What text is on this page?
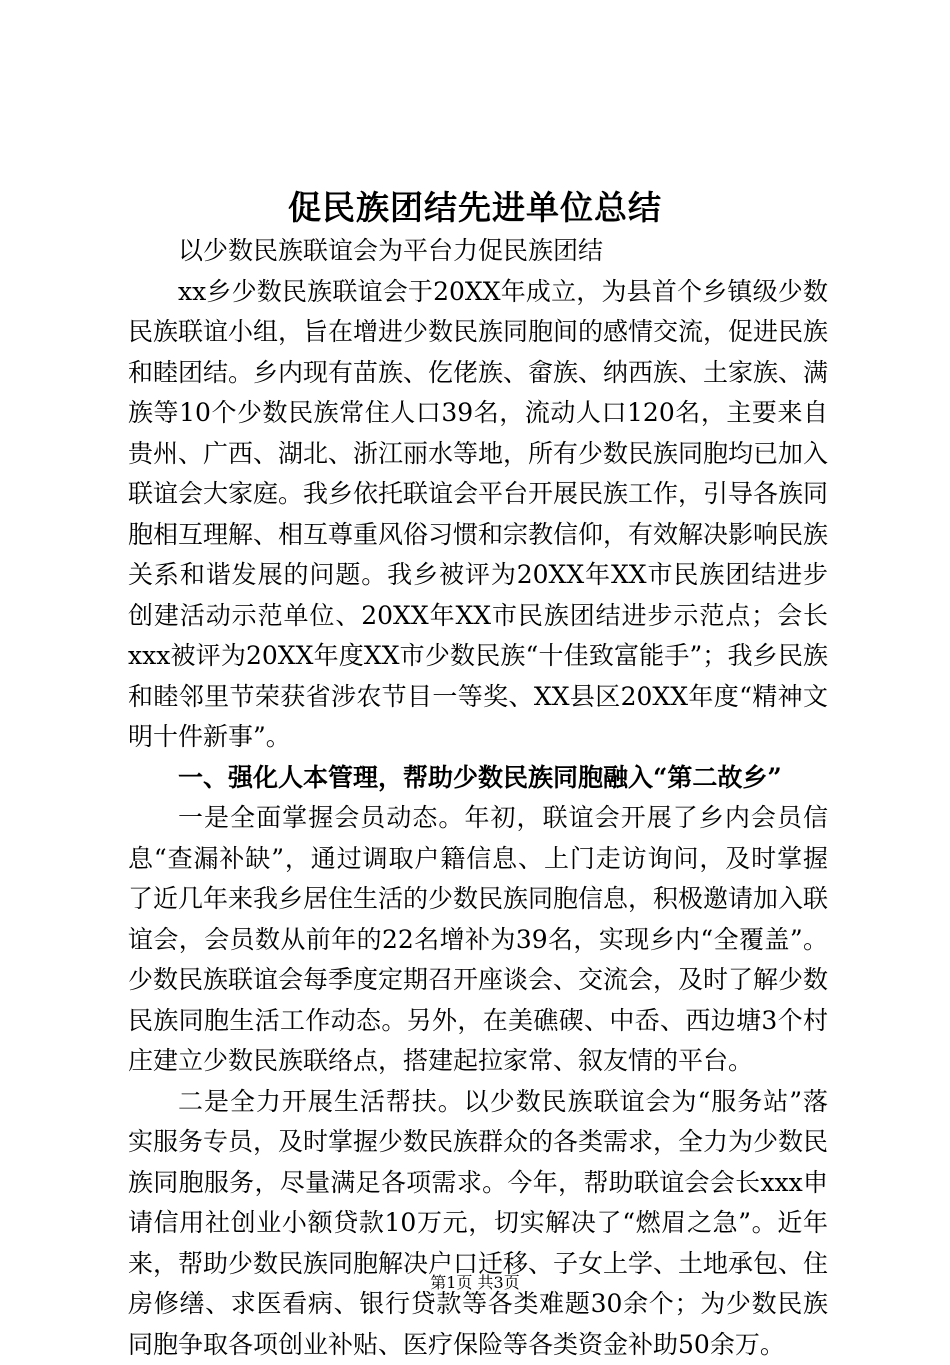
促民族团结先进单位总结

以少数民族联谊会为平台力促民族团结

xx乡少数民族联谊会于20XX年成立，为县首个乡镇级少数民族联谊小组，旨在增进少数民族同胞间的感情交流，促进民族和睦团结。乡内现有苗族、仡佬族、畲族、纳西族、土家族、满族等10个少数民族常住人口39名，流动人口120名，主要来自贵州、广西、湖北、浙江丽水等地，所有少数民族同胞均已加入联谊会大家庭。我乡依托联谊会平台开展民族工作，引导各族同胞相互理解、相互尊重风俗习惯和宗教信仰，有效解决影响民族关系和谐发展的问题。我乡被评为20XX年XX市民族团结进步创建活动示范单位、20XX年XX市民族团结进步示范点；会长xxx被评为20XX年度XX市少数民族“十佳致富能手”；我乡民族和睦邻里节荣获省涉农节目一等奖、XX县区20XX年度“精神文明十件新事”。

一、强化人本管理，帮助少数民族同胞融入“第二故乡”

一是全面掌握会员动态。年初，联谊会开展了乡内会员信息“查漏补缺”，通过调取户籍信息、上门走访询问，及时掌握了近几年来我乡居住生活的少数民族同胞信息，积极邀请加入联谊会，会员数从前年的22名增补为39名，实现乡内“全覆盖”。少数民族联谊会每季度定期召开座谈会、交流会，及时了解少数民族同胞生活工作动态。另外，在美礁碶、中岙、西边塘3个村庄建立少数民族联络点，搭建起拉家常、叙友情的平台。

二是全力开展生活帮扶。以少数民族联谊会为“服务站”落实服务专员，及时掌握少数民族群众的各类需求，全力为少数民族同胞服务，尽量满足各项需求。今年，帮助联谊会会长xxx申请信用社创业小额贷款10万元，切实解决了“燃眉之急”。近年来，帮助少数民族同胞解决户口迁移、子女上学、土地承包、住房修缮、求医看病、银行贷款等各类难题30余个；为少数民族同胞争取各项创业补贴、医疗保险等各类资金补助50余万。

第1页 共3页
